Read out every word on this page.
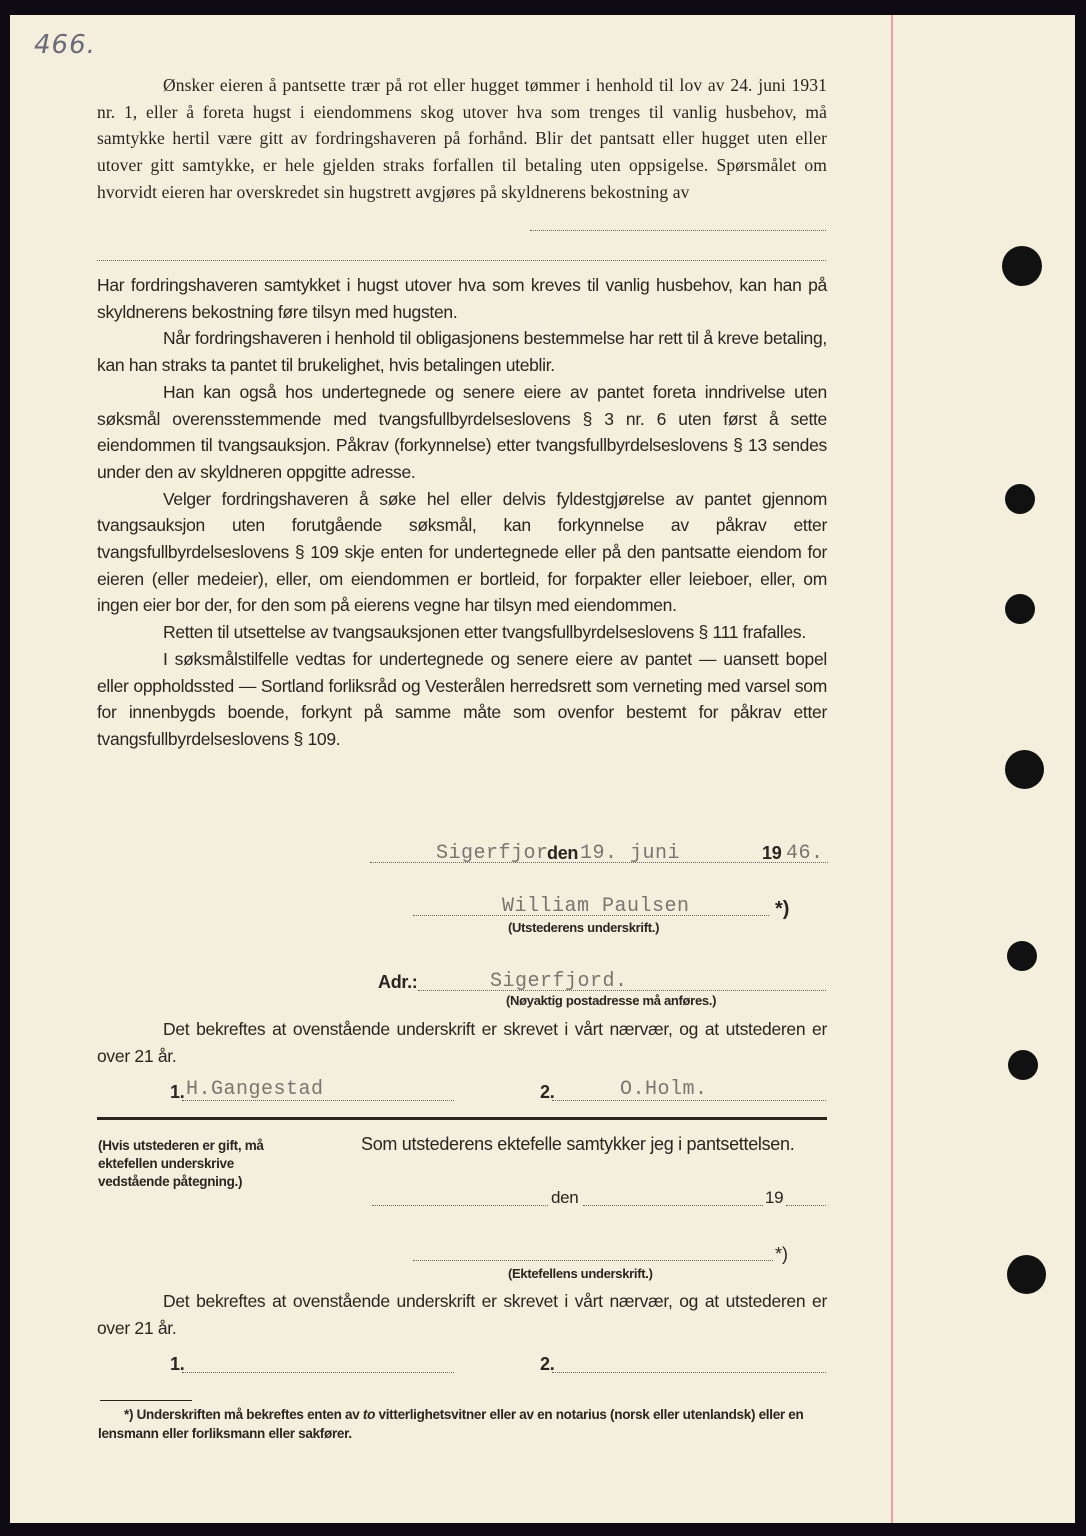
466.

Ønsker eieren å pantsette trær på rot eller hugget tømmer i henhold til lov av 24. juni 1931 nr. 1, eller å foreta hugst i eiendommens skog utover hva som trenges til vanlig husbehov, må samtykke hertil være gitt av fordringshaveren på forhånd. Blir det pantsatt eller hugget uten eller utover gitt samtykke, er hele gjelden straks forfallen til betaling uten oppsigelse. Spørsmålet om hvorvidt eieren har overskredet sin hugstrett avgjøres på skyldnerens bekostning av

Har fordringshaveren samtykket i hugst utover hva som kreves til vanlig husbehov, kan han på skyldnerens bekostning føre tilsyn med hugsten.

Når fordringshaveren i henhold til obligasjonens bestemmelse har rett til å kreve betaling, kan han straks ta pantet til brukelighet, hvis betalingen uteblir.

Han kan også hos undertegnede og senere eiere av pantet foreta inndrivelse uten søksmål overensstemmende med tvangsfullbyrdelseslovens § 3 nr. 6 uten først å sette eiendommen til tvangsauksjon. Påkrav (forkynnelse) etter tvangsfullbyrdelseslovens § 13 sendes under den av skyldneren oppgitte adresse.

Velger fordringshaveren å søke hel eller delvis fyldestgjørelse av pantet gjennom tvangsauksjon uten forutgående søksmål, kan forkynnelse av påkrav etter tvangsfullbyrdelseslovens § 109 skje enten for undertegnede eller på den pantsatte eiendom for eieren (eller medeier), eller, om eiendommen er bortleid, for forpakter eller leieboer, eller, om ingen eier bor der, for den som på eierens vegne har tilsyn med eiendommen.

Retten til utsettelse av tvangsauksjonen etter tvangsfullbyrdelseslovens § 111 frafalles.

I søksmålstilfelle vedtas for undertegnede og senere eiere av pantet — uansett bopel eller oppholdssted — Sortland forliksråd og Vesterålen herredsrett som verneting med varsel som for innenbygds boende, forkynt på samme måte som ovenfor bestemt for påkrav etter tvangsfullbyrdelseslovens § 109.

Sigerfjor
den 19. juni	19 46.
William Paulsen	*)
(Utstederens underskrift.)
Adr.:	Sigerfjord.
(Nøyaktig postadresse må anføres.)

Det bekreftes at ovenstående underskrift er skrevet i vårt nærvær, og at utstederen er over 21 år.

1. H.Gangestad	2.	O.Holm.
(Hvis utstederen er gift, må ektefellen underskrive vedstående påtegning.)
Som utstederens ektefelle samtykker jeg i pantsettelsen.
den	19
*)
(Ektefellens underskrift.)

Det bekreftes at ovenstående underskrift er skrevet i vårt nærvær, og at utstederen er over 21 år.

1.	2.
*) Underskriften må bekreftes enten av to vitterlighetsvitner eller av en notarius (norsk eller utenlandsk) eller en lensmann eller forliksmann eller sakfører.
